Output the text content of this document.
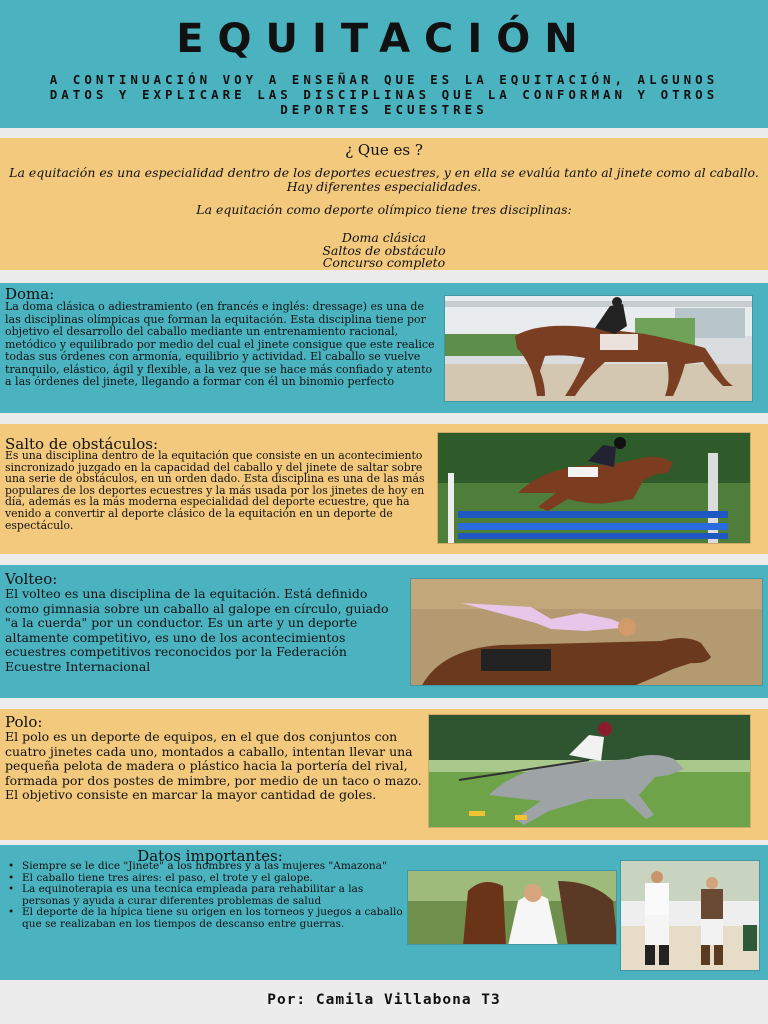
EQUITACIÓN
A CONTINUACIÓN VOY A ENSEÑAR QUE ES LA EQUITACIÓN, ALGUNOS DATOS Y EXPLICARE LAS DISCIPLINAS QUE LA CONFORMAN Y OTROS DEPORTES ECUESTRES
¿ Que es ?
La equitación es una especialidad dentro de los deportes ecuestres, y en ella se evalúa tanto al jinete como al caballo. Hay diferentes especialidades.
La equitación como deporte olímpico tiene tres disciplinas:
Doma clásica
Saltos de obstáculo
Concurso completo
Doma:
La doma clásica o adiestramiento (en francés e inglés: dressage) es una de las disciplinas olímpicas que forman la equitación. Esta disciplina tiene por objetivo el desarrollo del caballo mediante un entrenamiento racional, metódico y equilibrado por medio del cual el jinete consigue que este realice todas sus órdenes con armonía, equilibrio y actividad. El caballo se vuelve tranquilo, elástico, ágil y flexible, a la vez que se hace más confiado y atento a las órdenes del jinete, llegando a formar con él un binomio perfecto
Salto de obstáculos:
Es una disciplina dentro de la equitación que consiste en un acontecimiento sincronizado juzgado en la capacidad del caballo y del jinete de saltar sobre una serie de obstáculos, en un orden dado. Esta disciplina es una de las más populares de los deportes ecuestres y la más usada por los jinetes de hoy en día, además es la más moderna especialidad del deporte ecuestre, que ha venido a convertir al deporte clásico de la equitación en un deporte de espectáculo.
Volteo:
El volteo es una disciplina de la equitación. Está definido como gimnasia sobre un caballo al galope en círculo, guiado "a la cuerda" por un conductor. Es un arte y un deporte altamente competitivo, es uno de los acontecimientos ecuestres competitivos reconocidos por la Federación Ecuestre Internacional
Polo:
El polo es un deporte de equipos, en el que dos conjuntos con cuatro jinetes cada uno, montados a caballo, intentan llevar una pequeña pelota de madera o plástico hacia la portería del rival, formada por dos postes de mimbre, por medio de un taco o mazo. El objetivo consiste en marcar la mayor cantidad de goles.
Datos importantes:
• Siempre se le dice "Jinete" a los hombres y a las mujeres "Amazona"
• El caballo tiene tres aires: el paso, el trote y el galope.
• La equinoterapia es una tecnica empleada para rehabilitar a las personas y ayuda a curar diferentes problemas de salud
• El deporte de la hípica tiene su origen en los torneos y juegos a caballo que se realizaban en los tiempos de descanso entre guerras.
Por: Camila Villabona T3
